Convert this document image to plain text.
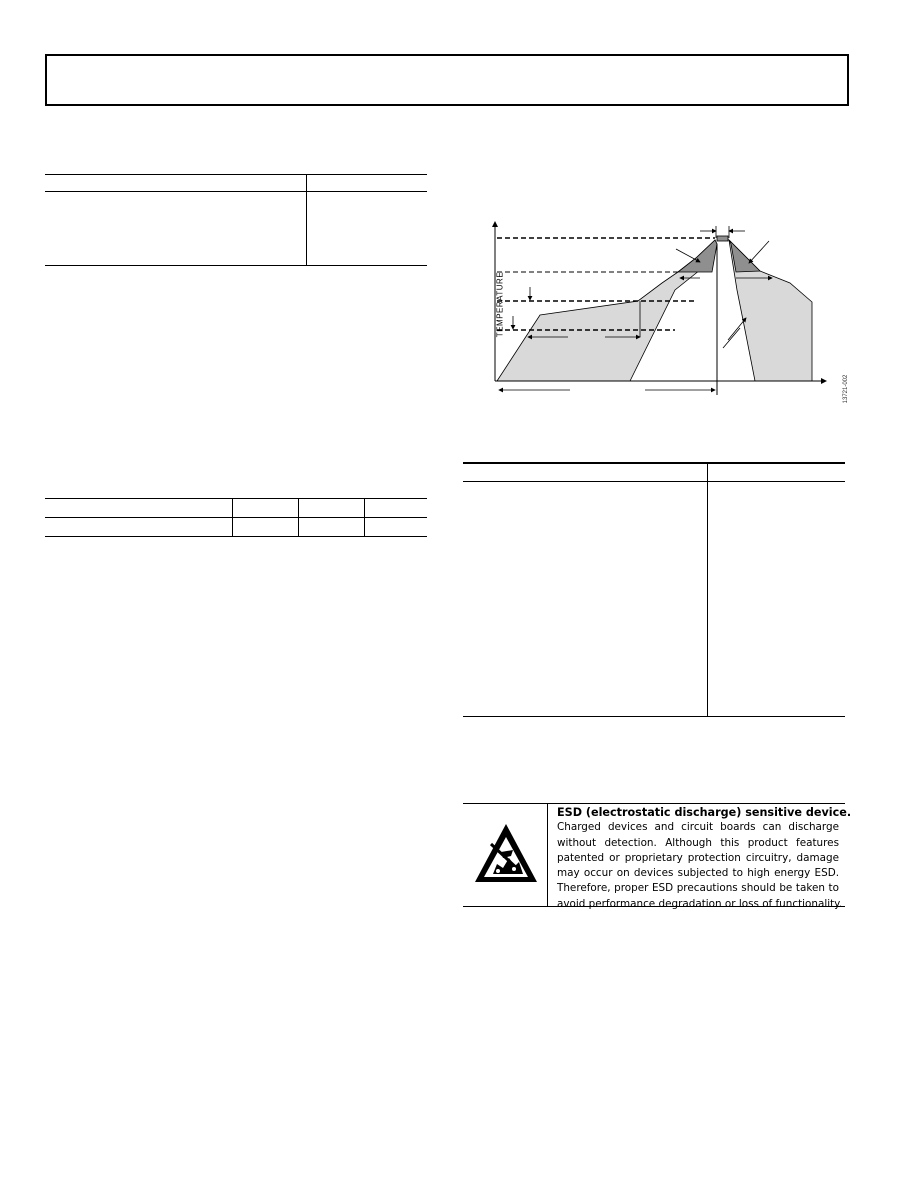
TEMPERATURE
13721-002
ESD (electrostatic discharge) sensitive device.
Charged devices and circuit boards can discharge
without detection. Although this product features
patented or proprietary protection circuitry, damage
may occur on devices subjected to high energy ESD.
Therefore, proper ESD precautions should be taken to
avoid performance degradation or loss of functionality.
